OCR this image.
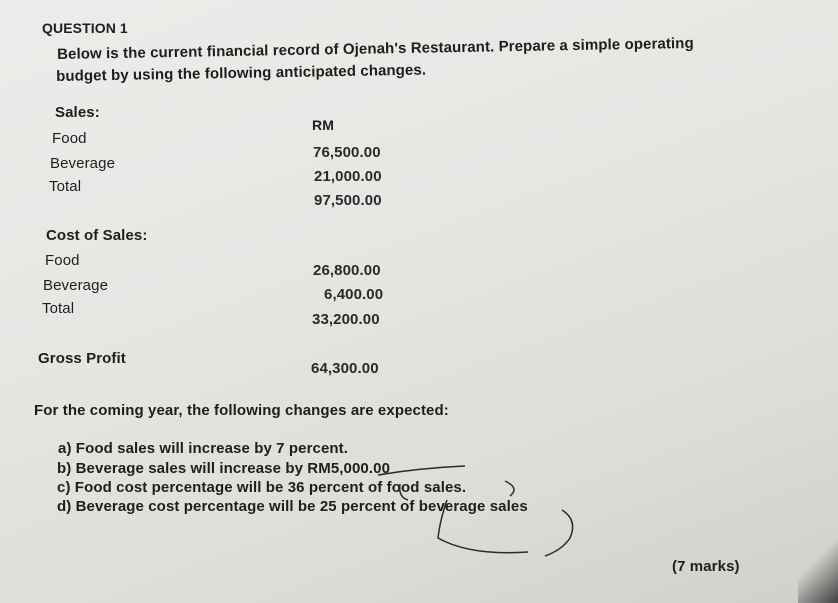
QUESTION 1
Below is the current financial record of Ojenah's Restaurant. Prepare a simple operating
budget by using the following anticipated changes.
Sales:
RM
Food
76,500.00
Beverage
21,000.00
Total
97,500.00
Cost of Sales:
Food
26,800.00
Beverage
6,400.00
Total
33,200.00
Gross Profit
64,300.00
For the coming year, the following changes are expected:
a) Food sales will increase by 7 percent.
b) Beverage sales will increase by RM5,000.00
c) Food cost percentage will be 36 percent of food sales.
d) Beverage cost percentage will be 25 percent of beverage sales
(7 marks)
